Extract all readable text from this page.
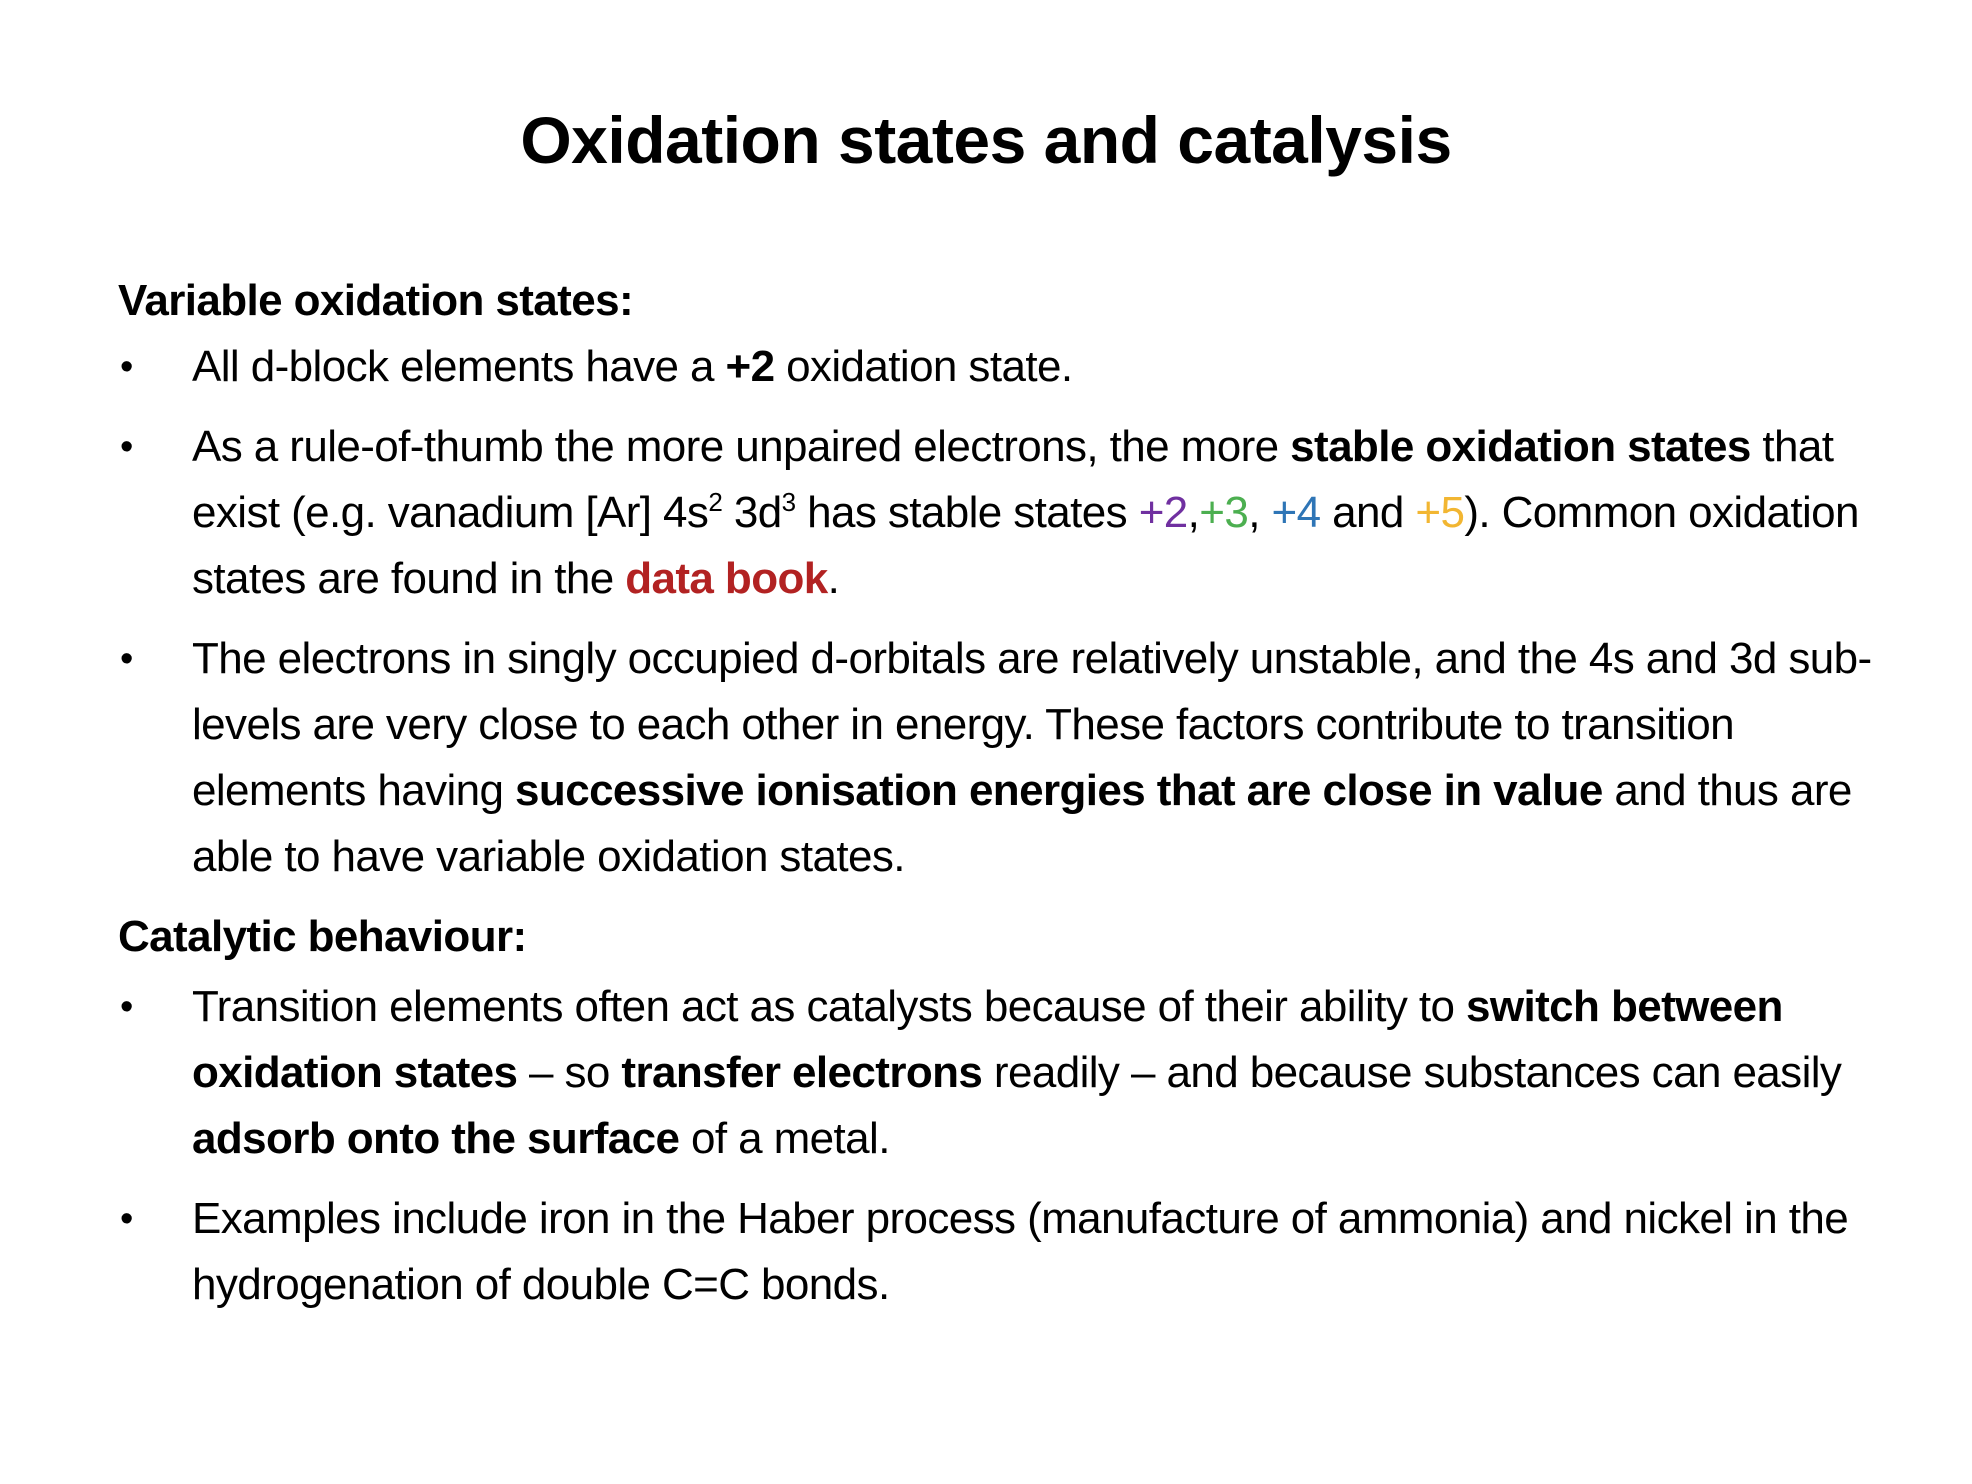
Oxidation states and catalysis

Variable oxidation states:

• All d-block elements have a +2 oxidation state.
• As a rule-of-thumb the more unpaired electrons, the more stable oxidation states that exist (e.g. vanadium [Ar] $4s^2$ $3d^3$ has stable states +2,+3, +4 and +5). Common oxidation states are found in the data book.
• The electrons in singly occupied d-orbitals are relatively unstable, and the 4s and 3d sub-levels are very close to each other in energy. These factors contribute to transition elements having successive ionisation energies that are close in value and thus are able to have variable oxidation states.

Catalytic behaviour:

• Transition elements often act as catalysts because of their ability to switch between oxidation states – so transfer electrons readily – and because substances can easily adsorb onto the surface of a metal.
• Examples include iron in the Haber process (manufacture of ammonia) and nickel in the hydrogenation of double C=C bonds.
